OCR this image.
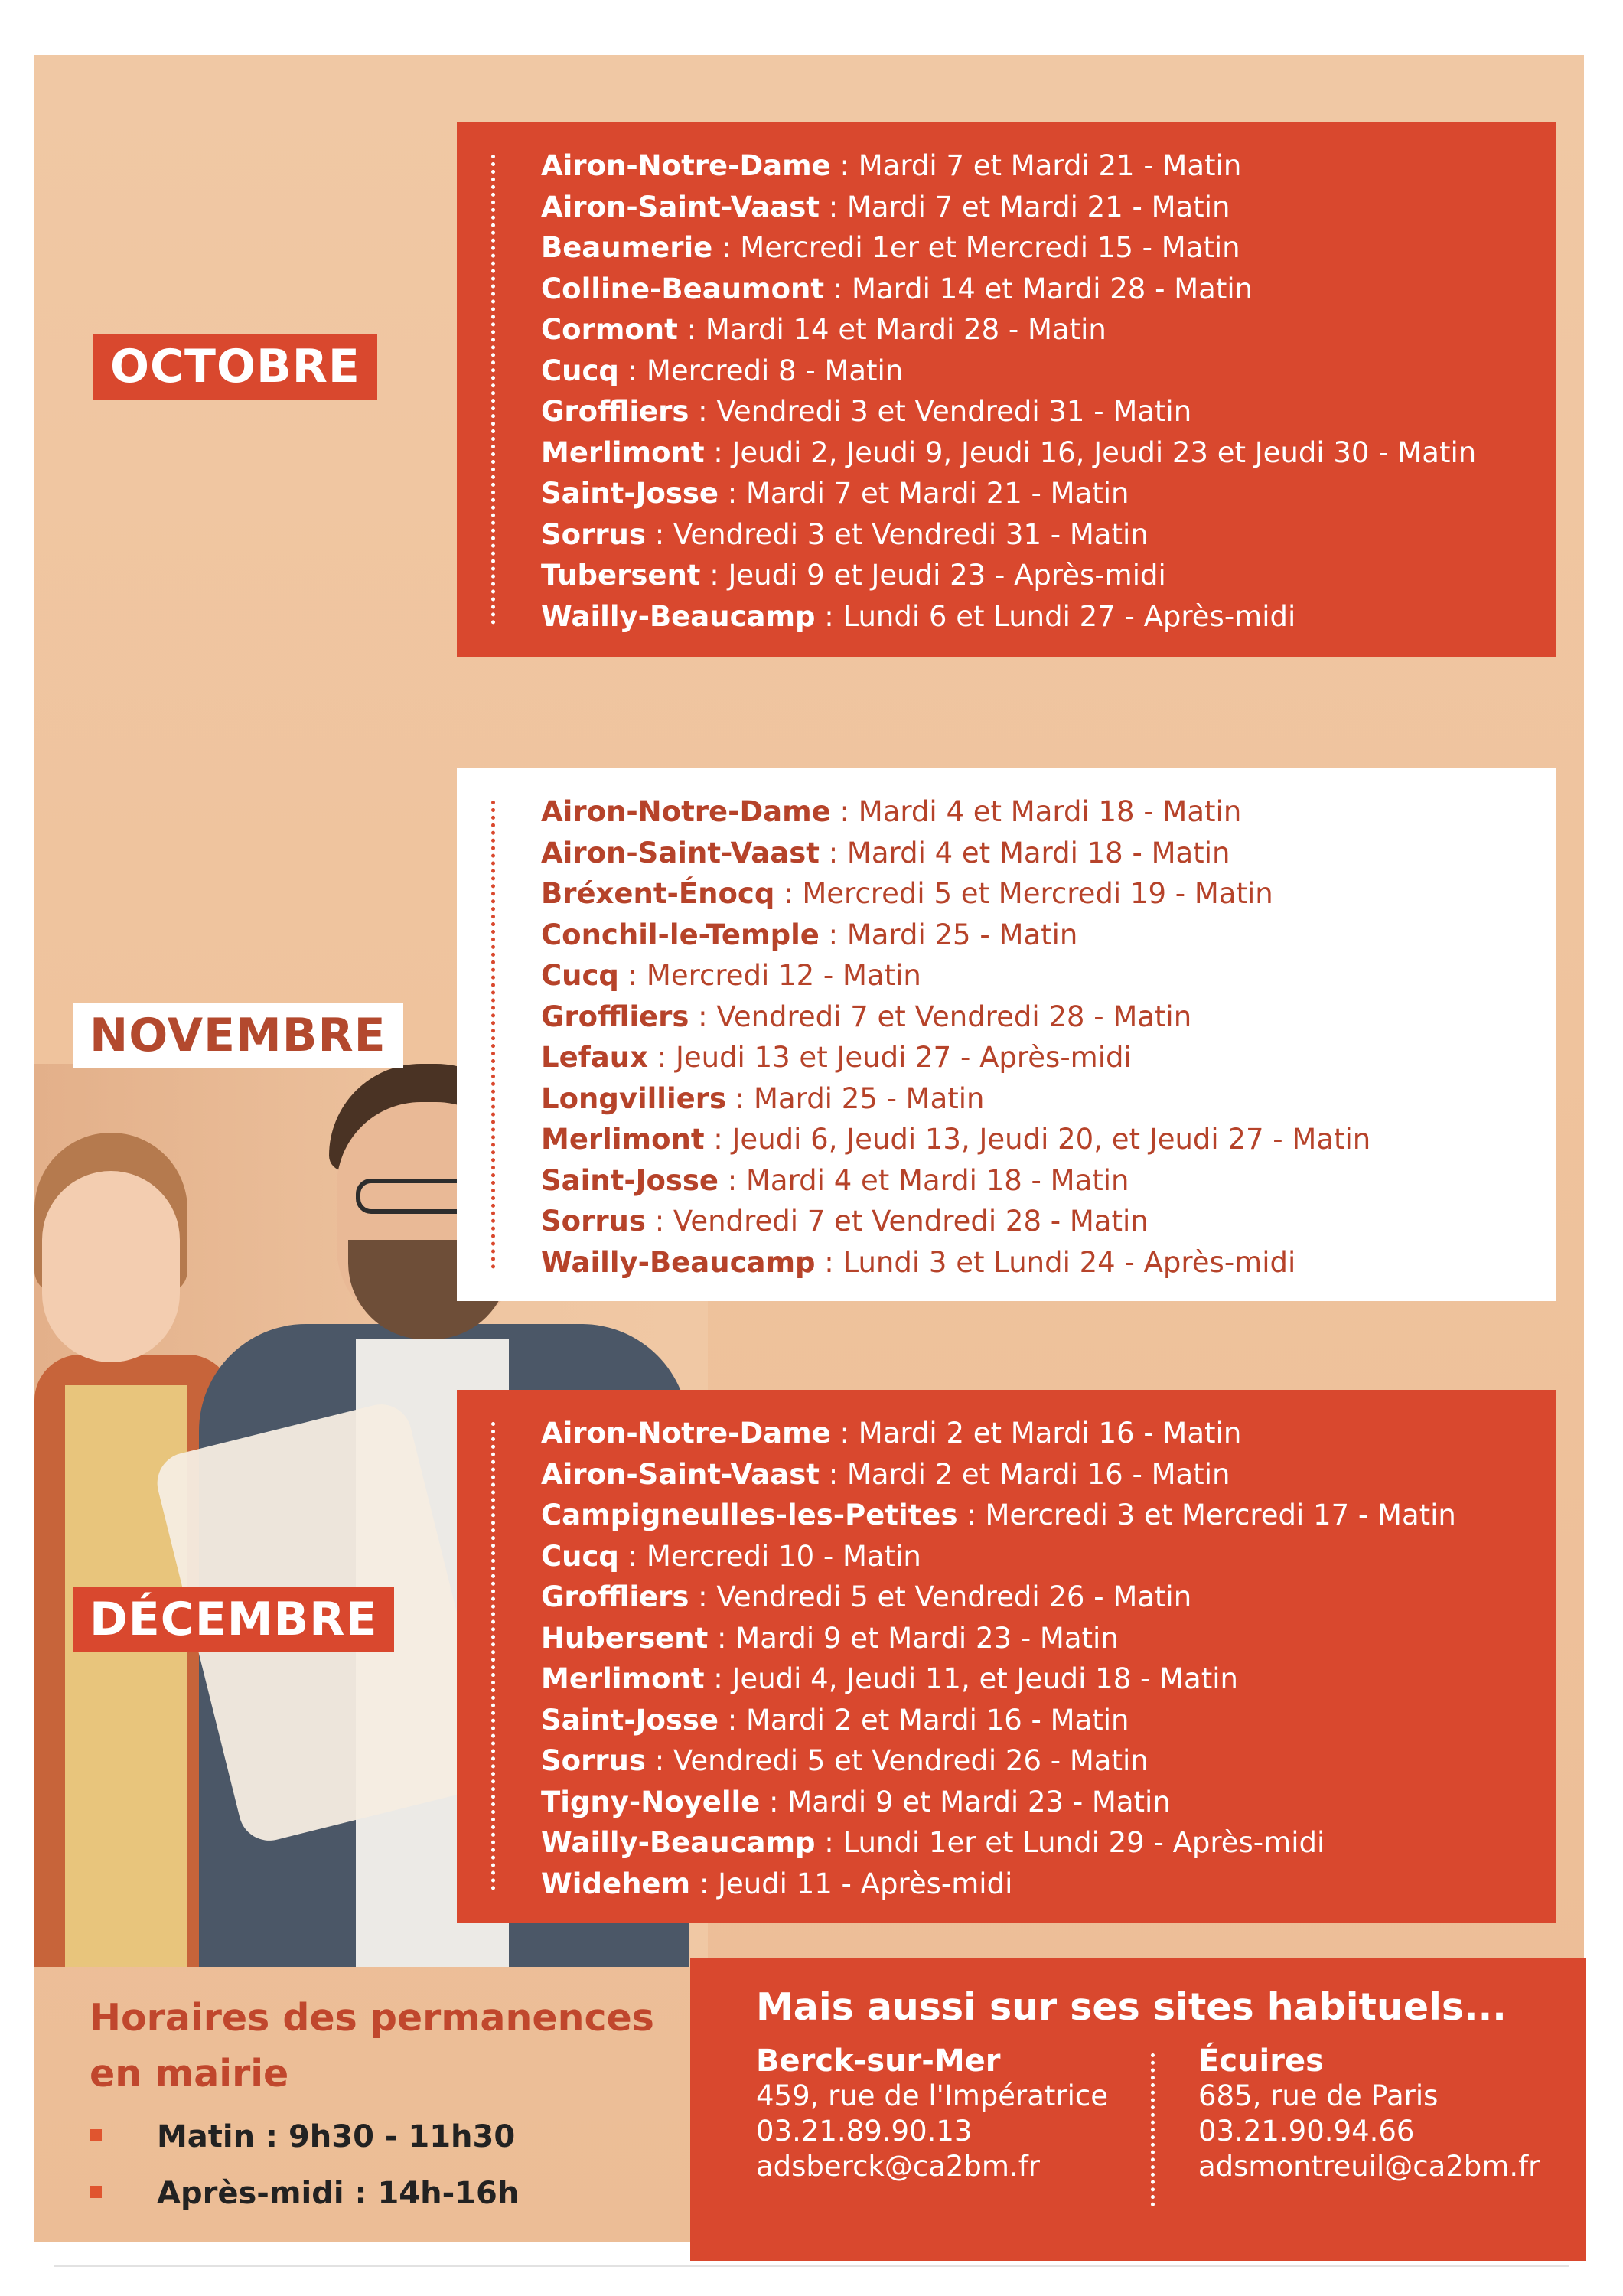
OCTOBRE
Airon-Notre-Dame : Mardi 7 et Mardi 21 - Matin
Airon-Saint-Vaast : Mardi 7 et Mardi 21 - Matin
Beaumerie : Mercredi 1er et Mercredi 15 - Matin
Colline-Beaumont : Mardi 14 et Mardi 28 - Matin
Cormont : Mardi 14 et Mardi 28 - Matin
Cucq : Mercredi 8 - Matin
Groffliers : Vendredi 3 et Vendredi 31 - Matin
Merlimont : Jeudi 2, Jeudi 9, Jeudi 16, Jeudi 23 et Jeudi 30 - Matin
Saint-Josse : Mardi 7 et Mardi 21 - Matin
Sorrus : Vendredi 3 et Vendredi 31 - Matin
Tubersent : Jeudi 9 et Jeudi 23 - Après-midi
Wailly-Beaucamp : Lundi 6 et Lundi 27 - Après-midi
NOVEMBRE
Airon-Notre-Dame : Mardi 4 et Mardi 18 - Matin
Airon-Saint-Vaast : Mardi 4 et Mardi 18 - Matin
Bréxent-Énocq : Mercredi 5 et Mercredi 19 - Matin
Conchil-le-Temple : Mardi 25 - Matin
Cucq : Mercredi 12 - Matin
Groffliers : Vendredi 7 et Vendredi 28 - Matin
Lefaux : Jeudi 13 et Jeudi 27 - Après-midi
Longvilliers : Mardi 25 - Matin
Merlimont : Jeudi 6, Jeudi 13, Jeudi 20, et Jeudi 27 - Matin
Saint-Josse : Mardi 4 et Mardi 18 - Matin
Sorrus : Vendredi 7 et Vendredi 28 - Matin
Wailly-Beaucamp : Lundi 3 et Lundi 24 - Après-midi
DÉCEMBRE
Airon-Notre-Dame : Mardi 2 et Mardi 16 - Matin
Airon-Saint-Vaast : Mardi 2 et Mardi 16 - Matin
Campigneulles-les-Petites : Mercredi 3 et Mercredi 17 - Matin
Cucq : Mercredi 10 - Matin
Groffliers : Vendredi 5 et Vendredi 26 - Matin
Hubersent : Mardi 9 et Mardi 23 - Matin
Merlimont : Jeudi 4, Jeudi 11, et Jeudi 18 - Matin
Saint-Josse : Mardi 2 et Mardi 16 - Matin
Sorrus : Vendredi 5 et Vendredi 26 - Matin
Tigny-Noyelle : Mardi 9 et Mardi 23 - Matin
Wailly-Beaucamp : Lundi 1er et Lundi 29 - Après-midi
Widehem : Jeudi 11 - Après-midi
Horaires des permanences
en mairie
Matin : 9h30 - 11h30
Après-midi : 14h-16h
Mais aussi sur ses sites habituels...
Berck-sur-Mer
459, rue de l'Impératrice
03.21.89.90.13
adsberck@ca2bm.fr
Écuires
685, rue de Paris
03.21.90.94.66
adsmontreuil@ca2bm.fr
